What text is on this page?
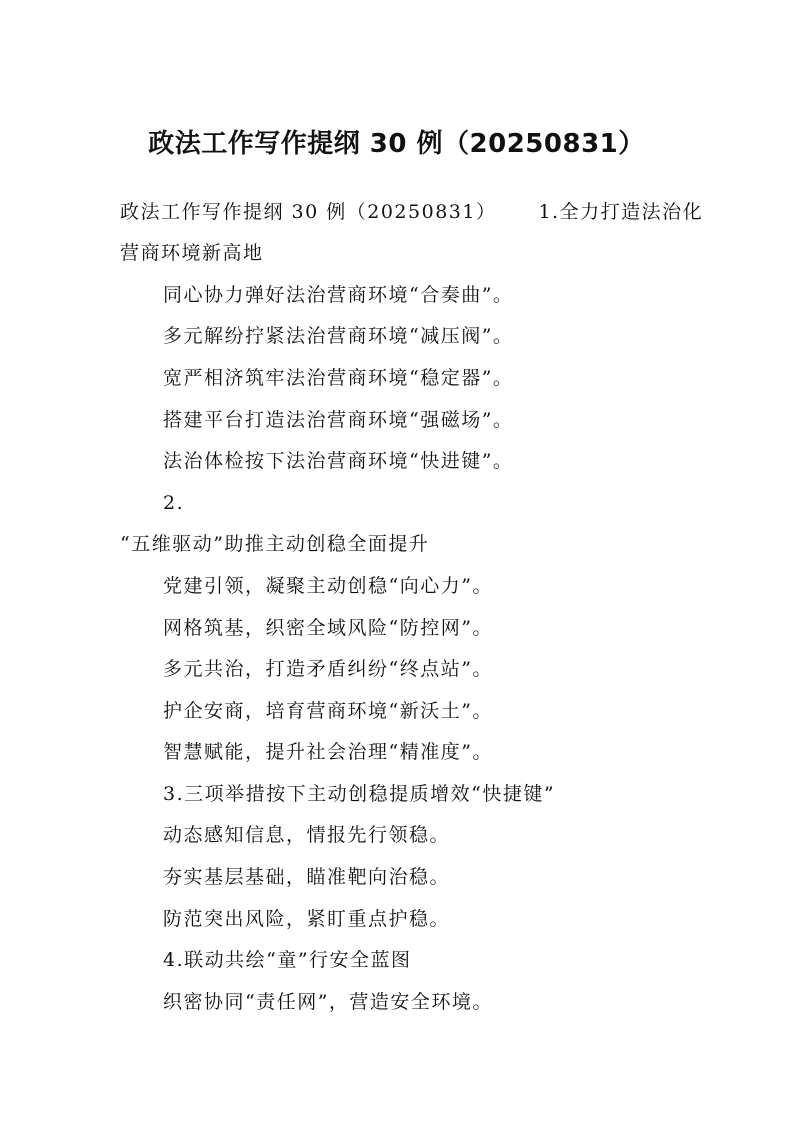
政法工作写作提纲 30 例（20250831）
政法工作写作提纲 30 例（20250831） 1.全力打造法治化
营商环境新高地
同心协力弹好法治营商环境“合奏曲”。
多元解纷拧紧法治营商环境“减压阀”。
宽严相济筑牢法治营商环境“稳定器”。
搭建平台打造法治营商环境“强磁场”。
法治体检按下法治营商环境“快进键”。
2.
“五维驱动”助推主动创稳全面提升
党建引领，凝聚主动创稳“向心力”。
网格筑基，织密全域风险“防控网”。
多元共治，打造矛盾纠纷“终点站”。
护企安商，培育营商环境“新沃土”。
智慧赋能，提升社会治理“精准度”。
3.三项举措按下主动创稳提质增效“快捷键”
动态感知信息，情报先行领稳。
夯实基层基础，瞄准靶向治稳。
防范突出风险，紧盯重点护稳。
4.联动共绘“童”行安全蓝图
织密协同“责任网”，营造安全环境。
